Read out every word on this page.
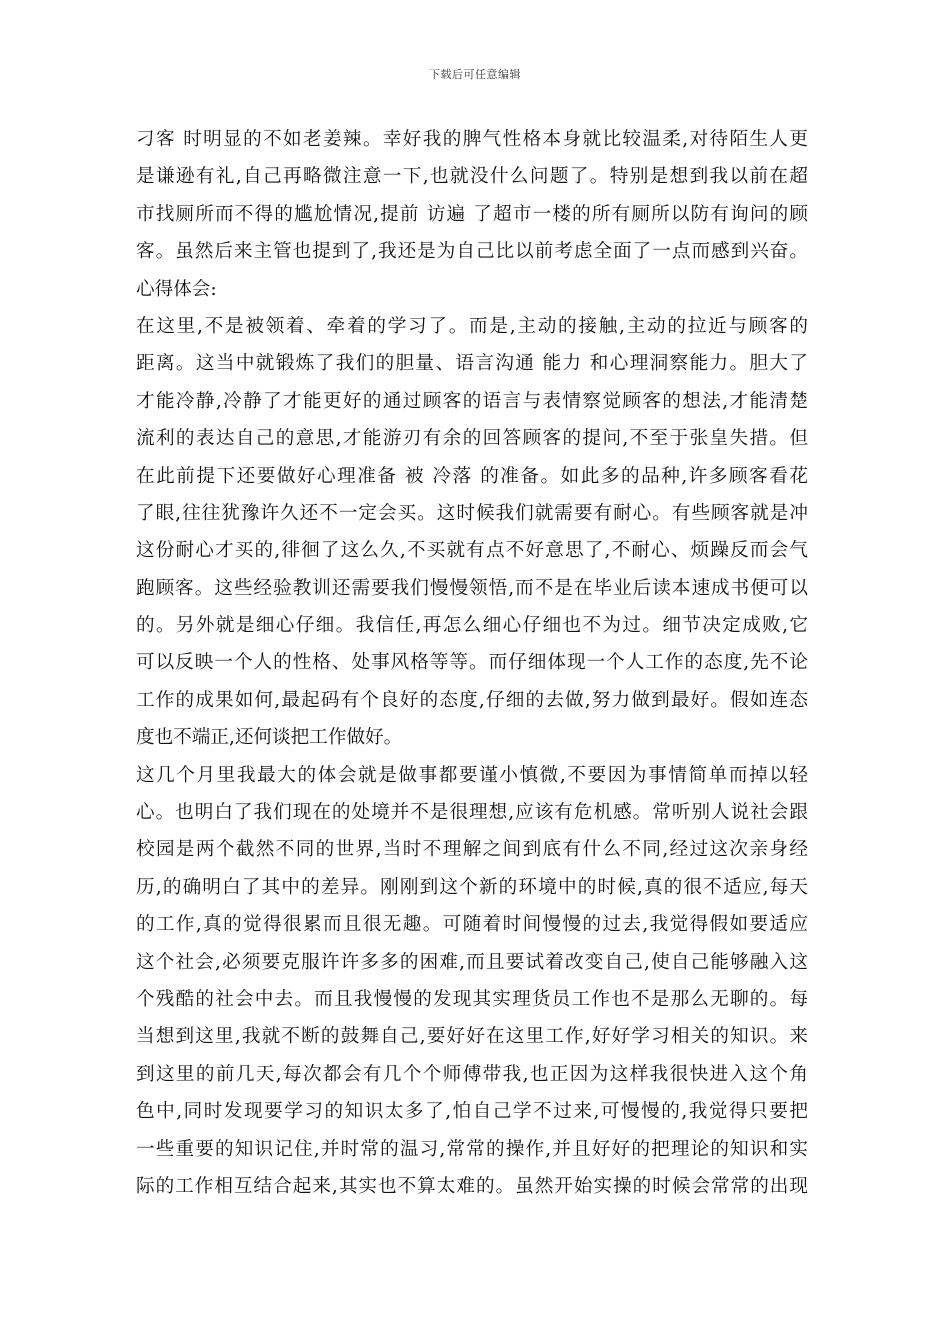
下载后可任意编辑
刁客 时明显的不如老姜辣。幸好我的脾气性格本身就比较温柔,对待陌生人更
是谦逊有礼,自己再略微注意一下,也就没什么问题了。特别是想到我以前在超
市找厕所而不得的尴尬情况,提前 访遍 了超市一楼的所有厕所以防有询问的顾
客。虽然后来主管也提到了,我还是为自己比以前考虑全面了一点而感到兴奋。
心得体会:
在这里,不是被领着、牵着的学习了。而是,主动的接触,主动的拉近与顾客的
距离。这当中就锻炼了我们的胆量、语言沟通 能力 和心理洞察能力。胆大了
才能冷静,冷静了才能更好的通过顾客的语言与表情察觉顾客的想法,才能清楚
流利的表达自己的意思,才能游刃有余的回答顾客的提问,不至于张皇失措。但
在此前提下还要做好心理准备 被 冷落 的准备。如此多的品种,许多顾客看花
了眼,往往犹豫许久还不一定会买。这时候我们就需要有耐心。有些顾客就是冲
这份耐心才买的,徘徊了这么久,不买就有点不好意思了,不耐心、烦躁反而会气
跑顾客。这些经验教训还需要我们慢慢领悟,而不是在毕业后读本速成书便可以
的。另外就是细心仔细。我信任,再怎么细心仔细也不为过。细节决定成败,它
可以反映一个人的性格、处事风格等等。而仔细体现一个人工作的态度,先不论
工作的成果如何,最起码有个良好的态度,仔细的去做,努力做到最好。假如连态
度也不端正,还何谈把工作做好。
这几个月里我最大的体会就是做事都要谨小慎微,不要因为事情简单而掉以轻
心。也明白了我们现在的处境并不是很理想,应该有危机感。常听别人说社会跟
校园是两个截然不同的世界,当时不理解之间到底有什么不同,经过这次亲身经
历,的确明白了其中的差异。刚刚到这个新的环境中的时候,真的很不适应,每天
的工作,真的觉得很累而且很无趣。可随着时间慢慢的过去,我觉得假如要适应
这个社会,必须要克服许许多多的困难,而且要试着改变自己,使自己能够融入这
个残酷的社会中去。而且我慢慢的发现其实理货员工作也不是那么无聊的。每
当想到这里,我就不断的鼓舞自己,要好好在这里工作,好好学习相关的知识。来
到这里的前几天,每次都会有几个个师傅带我,也正因为这样我很快进入这个角
色中,同时发现要学习的知识太多了,怕自己学不过来,可慢慢的,我觉得只要把
一些重要的知识记住,并时常的温习,常常的操作,并且好好的把理论的知识和实
际的工作相互结合起来,其实也不算太难的。虽然开始实操的时候会常常的出现
